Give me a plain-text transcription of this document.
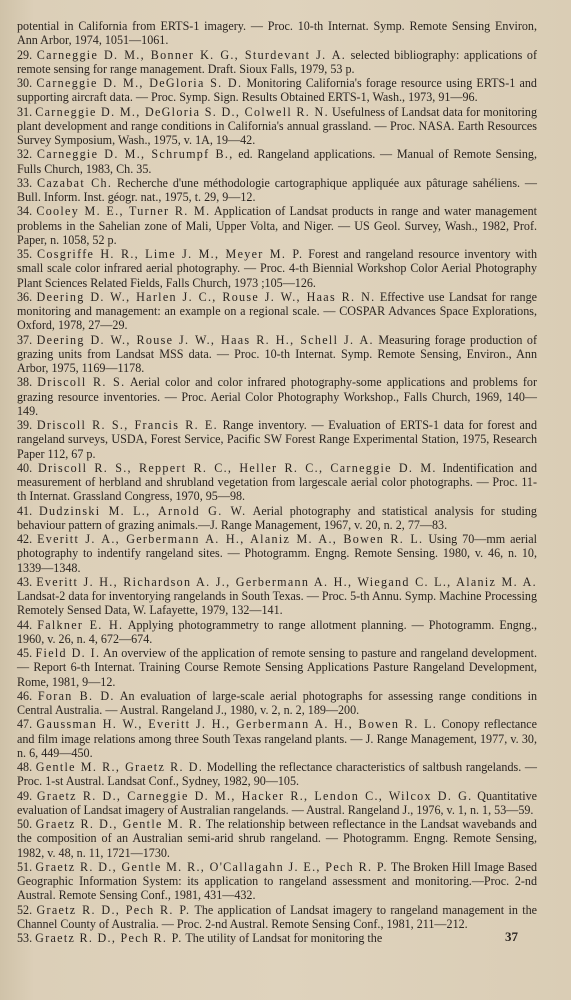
potential in California from ERTS-1 imagery. — Proc. 10-th Internat. Symp. Remote Sensing Environ, Ann Arbor, 1974, 1051—1061.

29. Carneggie D. M., Bonner K. G., Sturdevant J. A. selected bibliography: applications of remote sensing for range management. Draft. Sioux Falls, 1979, 53 p.

30. Carneggie D. M., DeGloria S. D. Monitoring California's forage resource using ERTS-1 and supporting aircraft data. — Proc. Symp. Sign. Results Obtained ERTS-1, Wash., 1973, 91—96.

31. Carneggie D. M., DeGloria S. D., Colwell R. N. Usefulness of Landsat data for monitoring plant development and range conditions in California's annual grassland. — Proc. NASA. Earth Resources Survey Symposium, Wash., 1975, v. 1A, 19—42.

32. Carneggie D. M., Schrumpf B., ed. Rangeland applications. — Manual of Remote Sensing, Fulls Church, 1983, Ch. 35.

33. Cazabat Ch. Recherche d'une méthodologie cartographique appliquée aux pâturage sahéliens. — Bull. Inform. Inst. géogr. nat., 1975, t. 29, 9—12.

34. Cooley M. E., Turner R. M. Application of Landsat products in range and water management problems in the Sahelian zone of Mali, Upper Volta, and Niger. — US Geol. Survey, Wash., 1982, Prof. Paper, n. 1058, 52 p.

35. Cosgriffe H. R., Lime J. M., Meyer M. P. Forest and rangeland resource inventory with small scale color infrared aerial photography. — Proc. 4-th Biennial Workshop Color Aerial Photography Plant Sciences Related Fields, Falls Church, 1973 ;105—126.

36. Deering D. W., Harlen J. C., Rouse J. W., Haas R. N. Effective use Landsat for range monitoring and management: an example on a regional scale. — COSPAR Advances Space Explorations, Oxford, 1978, 27—29.

37. Deering D. W., Rouse J. W., Haas R. H., Schell J. A. Measuring forage production of grazing units from Landsat MSS data. — Proc. 10-th Internat. Symp. Remote Sensing, Environ., Ann Arbor, 1975, 1169—1178.

38. Driscoll R. S. Aerial color and color infrared photography-some applications and problems for grazing resource inventories. — Proc. Aerial Color Photography Workshop., Falls Church, 1969, 140—149.

39. Driscoll R. S., Francis R. E. Range inventory. — Evaluation of ERTS-1 data for forest and rangeland surveys, USDA, Forest Service, Pacific SW Forest Range Experimental Station, 1975, Research Paper 112, 67 p.

40. Driscoll R. S., Reppert R. C., Heller R. C., Carneggie D. M. Indentification and measurement of herbland and shrubland vegetation from largescale aerial color photographs. — Proc. 11-th Internat. Grassland Congress, 1970, 95—98.

41. Dudzinski M. L., Arnold G. W. Aerial photography and statistical analysis for studing behaviour pattern of grazing animals.—J. Range Management, 1967, v. 20, n. 2, 77—83.

42. Everitt J. A., Gerbermann A. H., Alaniz M. A., Bowen R. L. Using 70—mm aerial photography to indentify rangeland sites. — Photogramm. Engng. Remote Sensing. 1980, v. 46, n. 10, 1339—1348.

43. Everitt J. H., Richardson A. J., Gerbermann A. H., Wiegand C. L., Alaniz M. A. Landsat-2 data for inventorying rangelands in South Texas. — Proc. 5-th Annu. Symp. Machine Processing Remotely Sensed Data, W. Lafayette, 1979, 132—141.

44. Falkner E. H. Applying photogrammetry to range allotment planning. — Photogramm. Engng., 1960, v. 26, n. 4, 672—674.

45. Field D. I. An overview of the application of remote sensing to pasture and rangeland development. — Report 6-th Internat. Training Course Remote Sensing Applications Pasture Rangeland Development, Rome, 1981, 9—12.

46. Foran B. D. An evaluation of large-scale aerial photographs for assessing range conditions in Central Australia. — Austral. Rangeland J., 1980, v. 2, n. 2, 189—200.

47. Gaussman H. W., Everitt J. H., Gerbermann A. H., Bowen R. L. Conopy reflectance and film image relations among three South Texas rangeland plants. — J. Range Management, 1977, v. 30, n. 6, 449—450.

48. Gentle M. R., Graetz R. D. Modelling the reflectance characteristics of saltbush rangelands. — Proc. 1-st Austral. Landsat Conf., Sydney, 1982, 90—105.

49. Graetz R. D., Carneggie D. M., Hacker R., Lendon C., Wilcox D. G. Quantitative evaluation of Landsat imagery of Australian rangelands. — Austral. Rangeland J., 1976, v. 1, n. 1, 53—59.

50. Graetz R. D., Gentle M. R. The relationship between reflectance in the Landsat wavebands and the composition of an Australian semi-arid shrub rangeland. — Photogramm. Engng. Remote Sensing, 1982, v. 48, n. 11, 1721—1730.

51. Graetz R. D., Gentle M. R., O'Callagahn J. E., Pech R. P. The Broken Hill Image Based Geographic Information System: its application to rangeland assessment and monitoring.—Proc. 2-nd Austral. Remote Sensing Conf., 1981, 431—432.

52. Graetz R. D., Pech R. P. The application of Landsat imagery to rangeland management in the Channel County of Australia. — Proc. 2-nd Austral. Remote Sensing Conf., 1981, 211—212.

53. Graetz R. D., Pech R. P. The utility of Landsat for monitoring the	37
